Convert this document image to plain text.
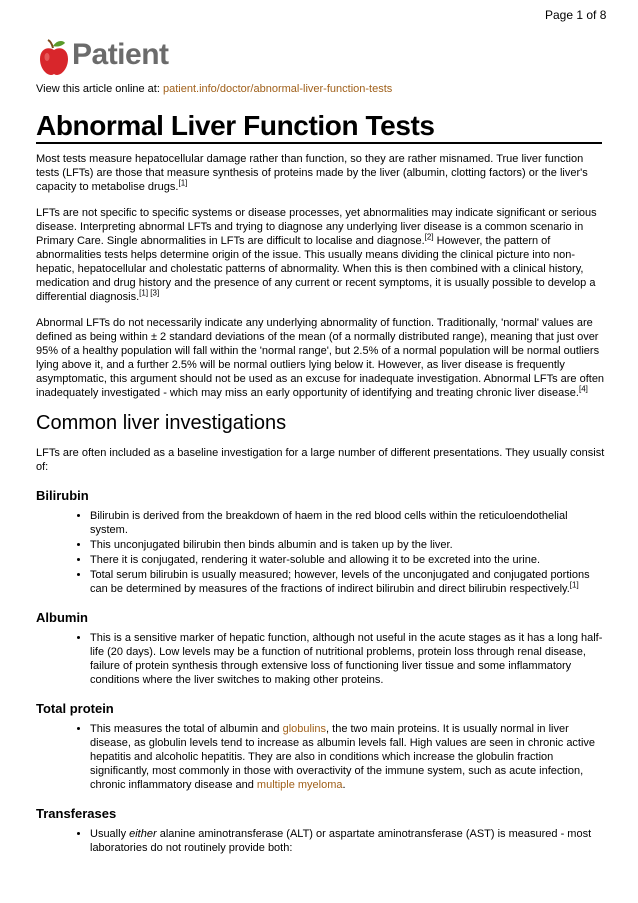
Page 1 of 8
Patient
View this article online at: patient.info/doctor/abnormal-liver-function-tests
Abnormal Liver Function Tests

Most tests measure hepatocellular damage rather than function, so they are rather misnamed. True liver function tests (LFTs) are those that measure synthesis of proteins made by the liver (albumin, clotting factors) or the liver's capacity to metabolise drugs.[1]

LFTs are not specific to specific systems or disease processes, yet abnormalities may indicate significant or serious disease. Interpreting abnormal LFTs and trying to diagnose any underlying liver disease is a common scenario in Primary Care. Single abnormalities in LFTs are difficult to localise and diagnose.[2] However, the pattern of abnormalities tests helps determine origin of the issue. This usually means dividing the clinical picture into non-hepatic, hepatocellular and cholestatic patterns of abnormality. When this is then combined with a clinical history, medication and drug history and the presence of any current or recent symptoms, it is usually possible to develop a differential diagnosis.[1] [3]

Abnormal LFTs do not necessarily indicate any underlying abnormality of function. Traditionally, 'normal' values are defined as being within ± 2 standard deviations of the mean (of a normally distributed range), meaning that just over 95% of a healthy population will fall within the 'normal range', but 2.5% of a normal population will be normal outliers lying above it, and a further 2.5% will be normal outliers lying below it. However, as liver disease is frequently asymptomatic, this argument should not be used as an excuse for inadequate investigation. Abnormal LFTs are often inadequately investigated - which may miss an early opportunity of identifying and treating chronic liver disease.[4]

Common liver investigations

LFTs are often included as a baseline investigation for a large number of different presentations. They usually consist of:

Bilirubin
• Bilirubin is derived from the breakdown of haem in the red blood cells within the reticuloendothelial system.
• This unconjugated bilirubin then binds albumin and is taken up by the liver.
• There it is conjugated, rendering it water-soluble and allowing it to be excreted into the urine.
• Total serum bilirubin is usually measured; however, levels of the unconjugated and conjugated portions can be determined by measures of the fractions of indirect bilirubin and direct bilirubin respectively.[1]
Albumin
• This is a sensitive marker of hepatic function, although not useful in the acute stages as it has a long half-life (20 days). Low levels may be a function of nutritional problems, protein loss through renal disease, failure of protein synthesis through extensive loss of functioning liver tissue and some inflammatory conditions where the liver switches to making other proteins.
Total protein
• This measures the total of albumin and globulins, the two main proteins. It is usually normal in liver disease, as globulin levels tend to increase as albumin levels fall. High values are seen in chronic active hepatitis and alcoholic hepatitis. They are also in conditions which increase the globulin fraction significantly, most commonly in those with overactivity of the immune system, such as acute infection, chronic inflammatory disease and multiple myeloma.
Transferases
• Usually either alanine aminotransferase (ALT) or aspartate aminotransferase (AST) is measured - most laboratories do not routinely provide both:
